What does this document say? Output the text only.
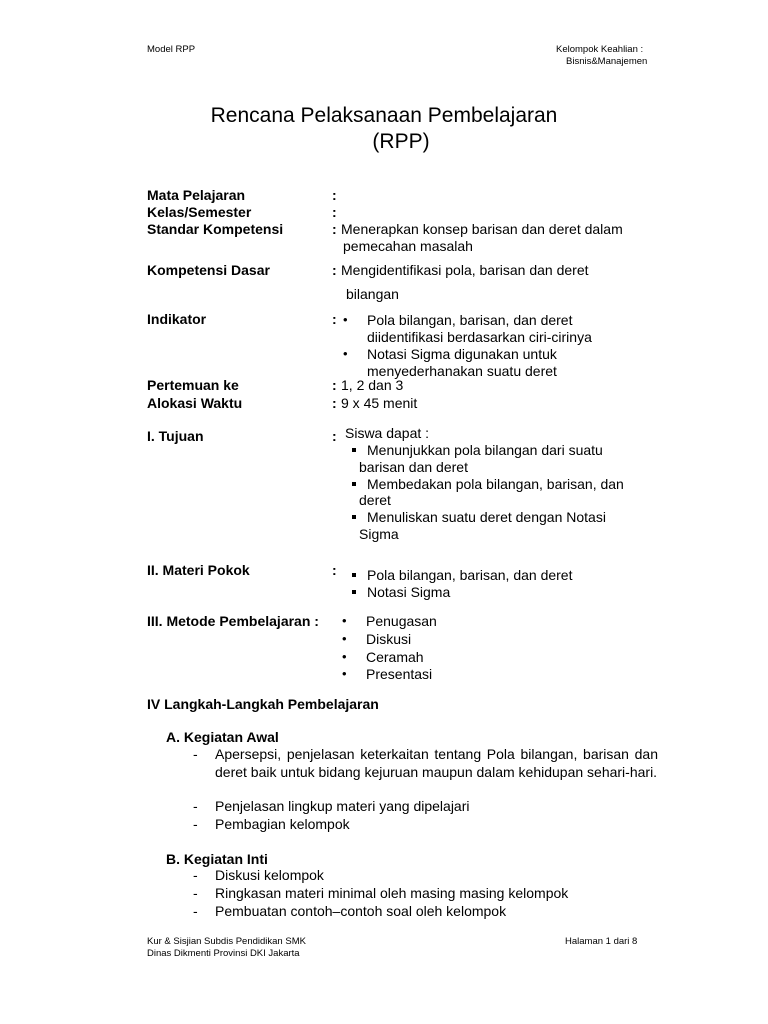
Model RPP	Kelompok Keahlian :
Bisnis&Manajemen
Rencana Pelaksanaan Pembelajaran
(RPP)
Mata Pelajaran	:
Kelas/Semester	:
Standar Kompetensi	: Menerapkan konsep barisan dan deret dalam
pemecahan masalah
Kompetensi Dasar	: Mengidentifikasi pola, barisan dan deret
bilangan
Indikator	: • Pola bilangan, barisan, dan deret
diidentifikasi berdasarkan ciri-cirinya
• Notasi Sigma digunakan untuk
menyederhanakan suatu deret
Pertemuan ke	: 1, 2 dan 3
Alokasi Waktu	: 9 x 45 menit
I. Tujuan	: Siswa dapat :
Menunjukkan pola bilangan dari suatu
barisan dan deret
Membedakan pola bilangan, barisan, dan
deret
Menuliskan suatu deret dengan Notasi
Sigma
II. Materi Pokok	: Pola bilangan, barisan, dan deret
Notasi Sigma
III. Metode Pembelajaran :	• Penugasan
• Diskusi
• Ceramah
• Presentasi
IV Langkah-Langkah Pembelajaran
A. Kegiatan Awal
- Apersepsi, penjelasan keterkaitan tentang Pola bilangan, barisan dan deret baik untuk bidang kejuruan maupun dalam kehidupan sehari-hari.
- Penjelasan lingkup materi yang dipelajari
- Pembagian kelompok
B. Kegiatan Inti
- Diskusi kelompok
- Ringkasan materi minimal oleh masing masing kelompok
- Pembuatan contoh–contoh soal oleh kelompok
Kur & Sisjian Subdis Pendidikan SMK
Dinas Dikmenti Provinsi DKI Jakarta
Halaman 1 dari 8
